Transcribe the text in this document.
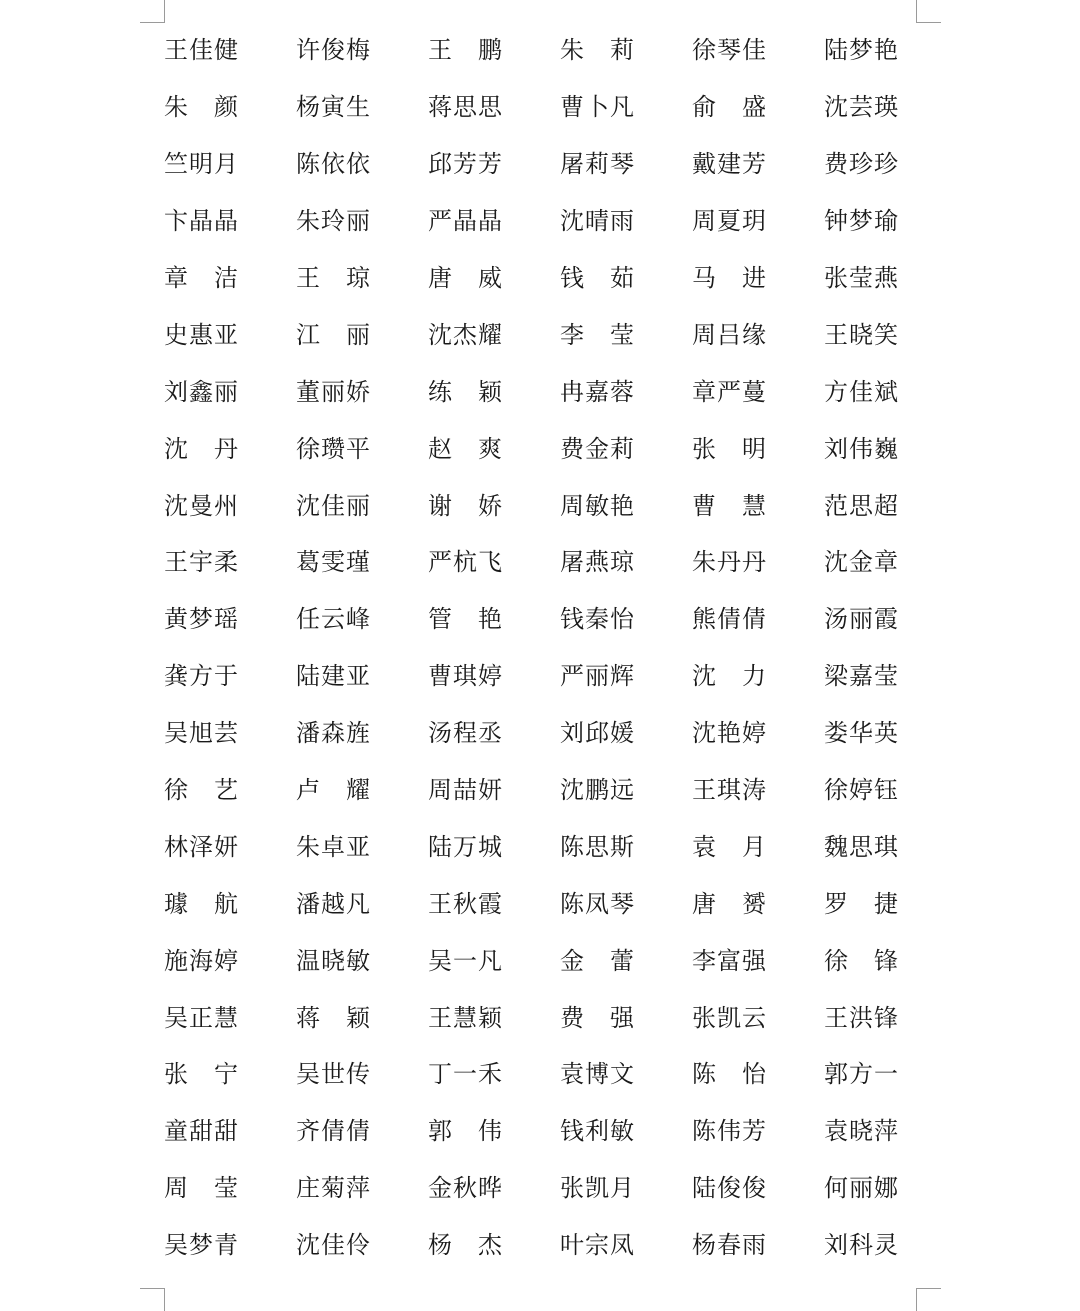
王佳健	许俊梅	王　鹏	朱　莉	徐琴佳	陆梦艳
朱　颜	杨寅生	蒋思思	曹卜凡	俞　盛	沈芸瑛
竺明月	陈依依	邱芳芳	屠莉琴	戴建芳	费珍珍
卞晶晶	朱玲丽	严晶晶	沈晴雨	周夏玥	钟梦瑜
章　洁	王　琼	唐　威	钱　茹	马　进	张莹燕
史惠亚	江　丽	沈杰耀	李　莹	周吕缘	王晓笑
刘鑫丽	董丽娇	练　颖	冉嘉蓉	章严蔓	方佳斌
沈　丹	徐瓒平	赵　爽	费金莉	张　明	刘伟巍
沈曼州	沈佳丽	谢　娇	周敏艳	曹　慧	范思超
王宇柔	葛雯瑾	严杭飞	屠燕琼	朱丹丹	沈金章
黄梦瑶	任云峰	管　艳	钱秦怡	熊倩倩	汤丽霞
龚方于	陆建亚	曹琪婷	严丽辉	沈　力	梁嘉莹
吴旭芸	潘森旌	汤程丞	刘邱媛	沈艳婷	娄华英
徐　艺	卢　耀	周喆妍	沈鹏远	王琪涛	徐婷钰
林泽妍	朱卓亚	陆万城	陈思斯	袁　月	魏思琪
璩　航	潘越凡	王秋霞	陈凤琴	唐　赟	罗　捷
施海婷	温晓敏	吴一凡	金　蕾	李富强	徐　锋
吴正慧	蒋　颖	王慧颖	费　强	张凯云	王洪锋
张　宁	吴世传	丁一禾	袁博文	陈　怡	郭方一
童甜甜	齐倩倩	郭　伟	钱利敏	陈伟芳	袁晓萍
周　莹	庄菊萍	金秋晔	张凯月	陆俊俊	何丽娜
吴梦青	沈佳伶	杨　杰	叶宗凤	杨春雨	刘科灵
